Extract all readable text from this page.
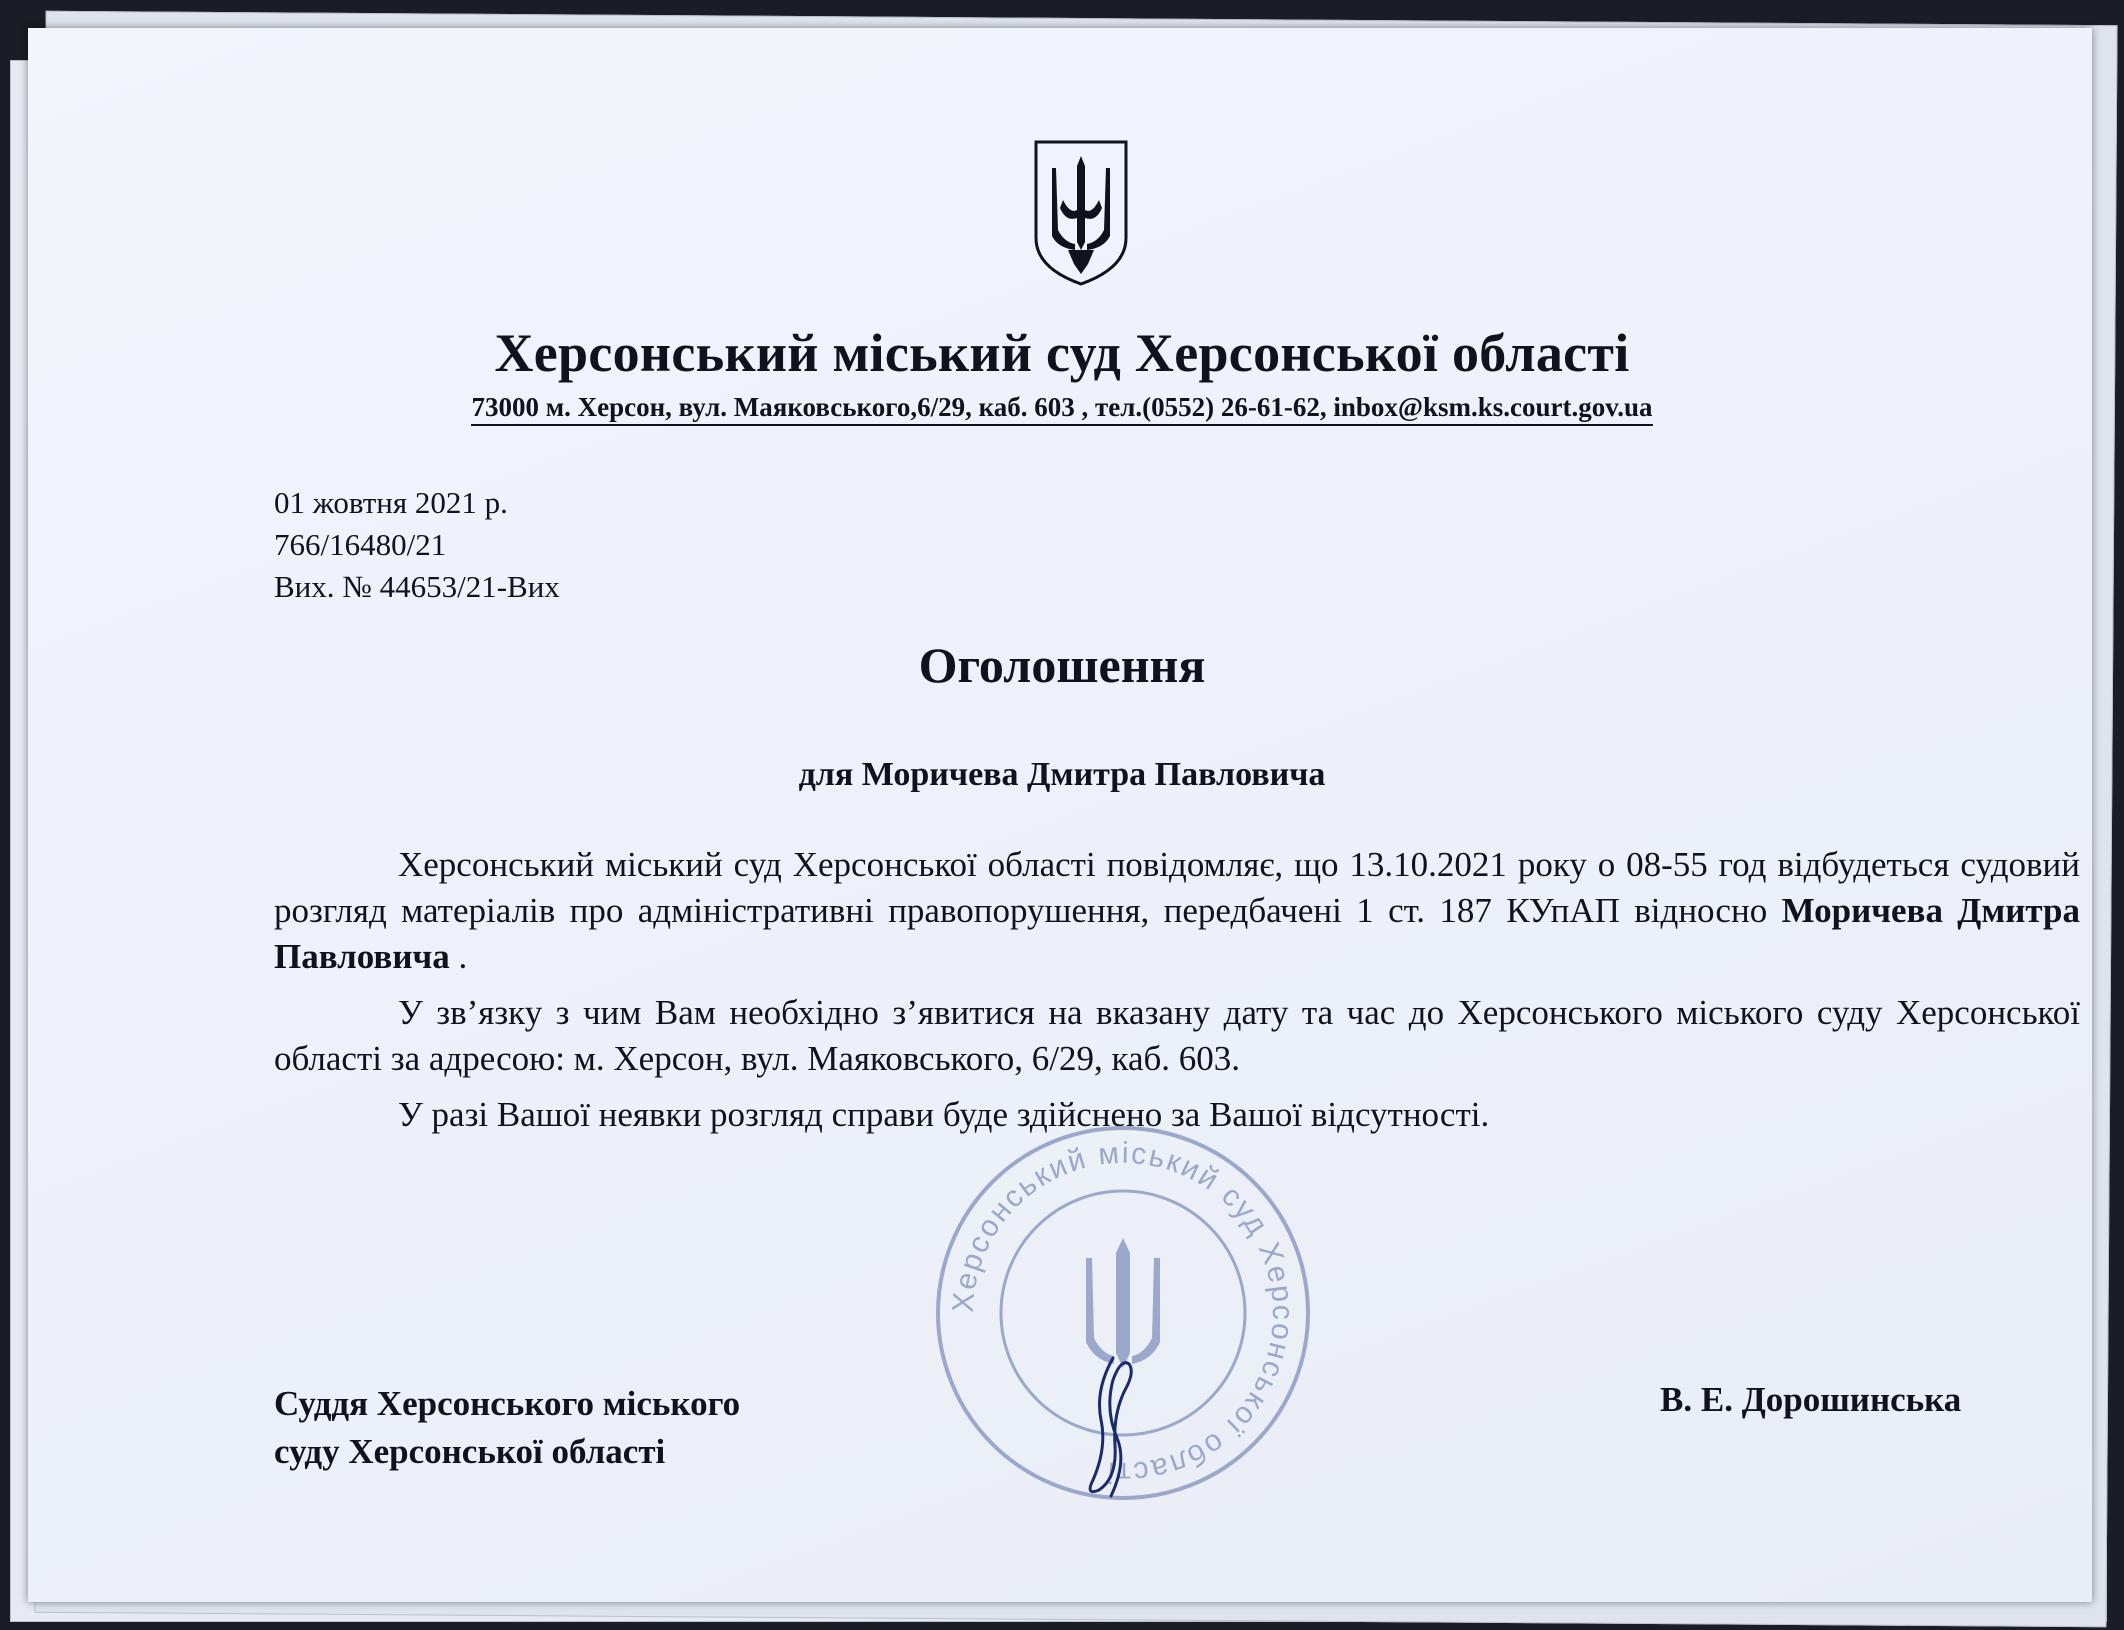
Херсонський міський суд Херсонської області
73000 м. Херсон, вул. Маяковського,6/29, каб. 603 , тел.(0552) 26-61-62, inbox@ksm.ks.court.gov.ua
01 жовтня 2021 р.
766/16480/21
Вих. № 44653/21-Вих
Оголошення
для Моричева Дмитра Павловича

Херсонський міський суд Херсонської області повідомляє, що 13.10.2021 року о 08-55 год відбудеться судовий розгляд матеріалів про адміністративні правопорушення, передбачені 1 ст. 187 КУпАП відносно Моричева Дмитра Павловича .

У зв’язку з чим Вам необхідно з’явитися на вказану дату та час до Херсонського міського суду Херсонської області за адресою: м. Херсон, вул. Маяковського, 6/29, каб. 603.

У разі Вашої неявки розгляд справи буде здійснено за Вашої відсутності.

Херсонський міський суд Херсонської області
Суддя Херсонського міського
суду Херсонської області
В. Е. Дорошинська
